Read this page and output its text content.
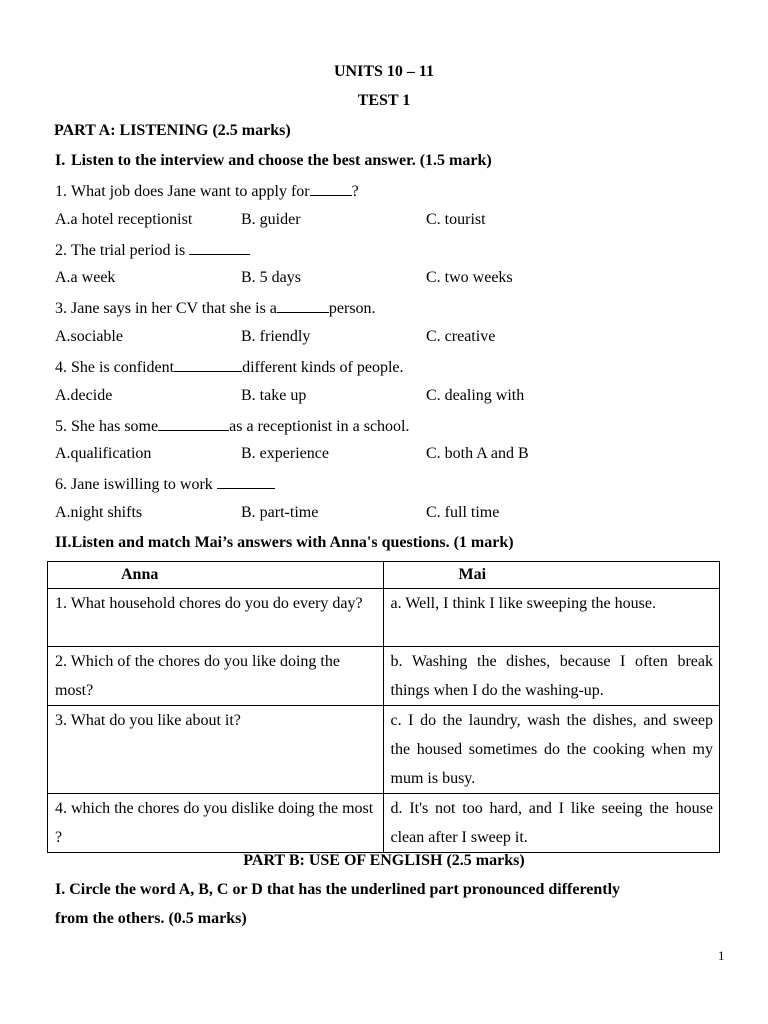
UNITS 10 – 11
TEST 1
PART A: LISTENING (2.5 marks)
I. Listen to the interview and choose the best answer. (1.5 mark)
1. What job does Jane want to apply for	?
A.a hotel receptionist	B. guider	C. tourist
2. The trial period is
A.a week	B. 5 days	C. two weeks
3. Jane says in her CV that she is a	person.
A.sociable	B. friendly	C. creative
4. She is confident	different kinds of people.
A.decide	B. take up	C. dealing with
5. She has some	as a receptionist in a school.
A.qualification	B. experience	C. both A and B
6. Jane iswilling to work
A.night shifts	B. part-time	C. full time
II.Listen and match Mai’s answers with Anna's questions. (1 mark)
Anna	Mai
1. What household chores do you do every day?	a. Well, I think I like sweeping the house.
2. Which of the chores do you like doing the most?	b. Washing the dishes, because I often break things when I do the washing-up.
3. What do you like about it?	c. I do the laundry, wash the dishes, and sweep the housed sometimes do the cooking when my mum is busy.
4. which the chores do you dislike doing the most ?	d. It's not too hard, and I like seeing the house clean after I sweep it.
PART B: USE OF ENGLISH (2.5 marks)
I. Circle the word A, B, C or D that has the underlined part pronounced differently
from the others. (0.5 marks)
1
